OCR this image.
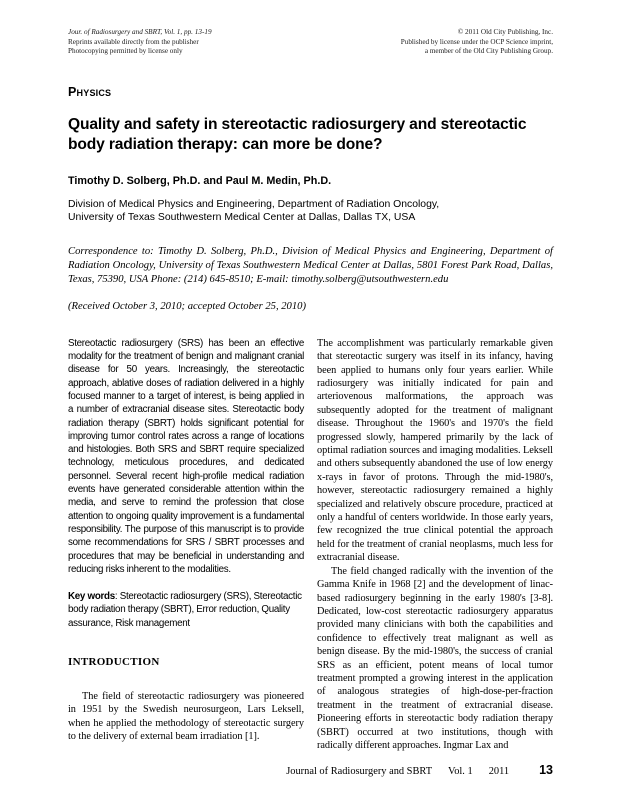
Jour. of Radiosurgery and SBRT, Vol. 1, pp. 13-19
Reprints available directly from the publisher
Photocopying permitted by license only
© 2011 Old City Publishing, Inc.
Published by license under the OCP Science imprint,
a member of the Old City Publishing Group.
Physics
Quality and safety in stereotactic radiosurgery and stereotactic body radiation therapy: can more be done?
Timothy D. Solberg, Ph.D. and Paul M. Medin, Ph.D.
Division of Medical Physics and Engineering, Department of Radiation Oncology,
University of Texas Southwestern Medical Center at Dallas, Dallas TX, USA
Correspondence to: Timothy D. Solberg, Ph.D., Division of Medical Physics and Engineering, Department of Radiation Oncology, University of Texas Southwestern Medical Center at Dallas, 5801 Forest Park Road, Dallas, Texas, 75390, USA Phone: (214) 645-8510; E-mail: timothy.solberg@utsouthwestern.edu
(Received October 3, 2010; accepted October 25, 2010)

Stereotactic radiosurgery (SRS) has been an effective modality for the treatment of benign and malignant cranial disease for 50 years. Increasingly, the stereotactic approach, ablative doses of radiation delivered in a highly focused manner to a target of interest, is being applied in a number of extracranial disease sites. Stereotactic body radiation therapy (SBRT) holds significant potential for improving tumor control rates across a range of locations and histologies. Both SRS and SBRT require specialized technology, meticulous procedures, and dedicated personnel. Several recent high-profile medical radiation events have generated considerable attention within the media, and serve to remind the profession that close attention to ongoing quality improvement is a fundamental responsibility. The purpose of this manuscript is to provide some recommendations for SRS / SBRT processes and procedures that may be beneficial in understanding and reducing risks inherent to the modalities.

Key words: Stereotactic radiosurgery (SRS), Stereotactic body radiation therapy (SBRT), Error reduction, Quality assurance, Risk management

INTRODUCTION

The field of stereotactic radiosurgery was pioneered in 1951 by the Swedish neurosurgeon, Lars Leksell, when he applied the methodology of stereotactic surgery to the delivery of external beam irradiation [1].

The accomplishment was particularly remarkable given that stereotactic surgery was itself in its infancy, having been applied to humans only four years earlier. While radiosurgery was initially indicated for pain and arteriovenous malformations, the approach was subsequently adopted for the treatment of malignant disease. Throughout the 1960's and 1970's the field progressed slowly, hampered primarily by the lack of optimal radiation sources and imaging modalities. Leksell and others subsequently abandoned the use of low energy x-rays in favor of protons. Through the mid-1980's, however, stereotactic radiosurgery remained a highly specialized and relatively obscure procedure, practiced at only a handful of centers worldwide. In those early years, few recognized the true clinical potential the approach held for the treatment of cranial neoplasms, much less for extracranial disease.

The field changed radically with the invention of the Gamma Knife in 1968 [2] and the development of linac-based radiosurgery beginning in the early 1980's [3-8]. Dedicated, low-cost stereotactic radiosurgery apparatus provided many clinicians with both the capabilities and confidence to effectively treat malignant as well as benign disease. By the mid-1980's, the success of cranial SRS as an efficient, potent means of local tumor treatment prompted a growing interest in the application of analogous strategies of high-dose-per-fraction treatment in the treatment of extracranial disease. Pioneering efforts in stereotactic body radiation therapy (SBRT) occurred at two institutions, though with radically different approaches. Ingmar Lax and

Journal of Radiosurgery and SBRT Vol. 1 2011 13
